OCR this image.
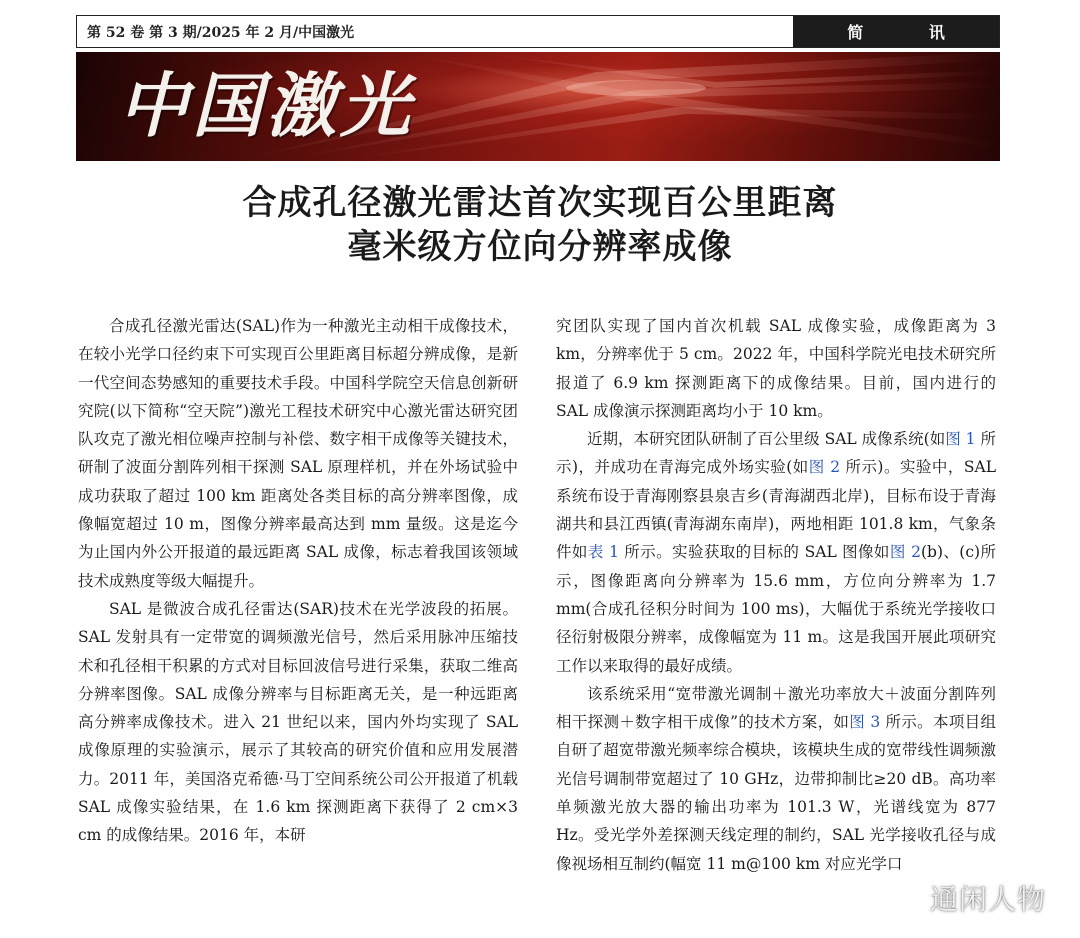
第 52 卷 第 3 期/2025 年 2 月/中国激光	简 讯
中国激光
合成孔径激光雷达首次实现百公里距离
毫米级方位向分辨率成像

合成孔径激光雷达(SAL)作为一种激光主动相干成像技术，在较小光学口径约束下可实现百公里距离目标超分辨成像，是新一代空间态势感知的重要技术手段。中国科学院空天信息创新研究院(以下简称“空天院”)激光工程技术研究中心激光雷达研究团队攻克了激光相位噪声控制与补偿、数字相干成像等关键技术，研制了波面分割阵列相干探测 SAL 原理样机，并在外场试验中成功获取了超过 100 km 距离处各类目标的高分辨率图像，成像幅宽超过 10 m，图像分辨率最高达到 mm 量级。这是迄今为止国内外公开报道的最远距离 SAL 成像，标志着我国该领域技术成熟度等级大幅提升。

SAL 是微波合成孔径雷达(SAR)技术在光学波段的拓展。SAL 发射具有一定带宽的调频激光信号，然后采用脉冲压缩技术和孔径相干积累的方式对目标回波信号进行采集，获取二维高分辨率图像。SAL 成像分辨率与目标距离无关，是一种远距离高分辨率成像技术。进入 21 世纪以来，国内外均实现了 SAL 成像原理的实验演示，展示了其较高的研究价值和应用发展潜力。2011 年，美国洛克希德·马丁空间系统公司公开报道了机载 SAL 成像实验结果，在 1.6 km 探测距离下获得了 2 cm×3 cm 的成像结果。2016 年，本研

究团队实现了国内首次机载 SAL 成像实验，成像距离为 3 km，分辨率优于 5 cm。2022 年，中国科学院光电技术研究所报道了 6.9 km 探测距离下的成像结果。目前，国内进行的 SAL 成像演示探测距离均小于 10 km。

近期，本研究团队研制了百公里级 SAL 成像系统(如图 1 所示)，并成功在青海完成外场实验(如图 2 所示)。实验中，SAL 系统布设于青海刚察县泉吉乡(青海湖西北岸)，目标布设于青海湖共和县江西镇(青海湖东南岸)，两地相距 101.8 km，气象条件如表 1 所示。实验获取的目标的 SAL 图像如图 2(b)、(c)所示，图像距离向分辨率为 15.6 mm，方位向分辨率为 1.7 mm(合成孔径积分时间为 100 ms)，大幅优于系统光学接收口径衍射极限分辨率，成像幅宽为 11 m。这是我国开展此项研究工作以来取得的最好成绩。

该系统采用“宽带激光调制＋激光功率放大＋波面分割阵列相干探测＋数字相干成像”的技术方案，如图 3 所示。本项目组自研了超宽带激光频率综合模块，该模块生成的宽带线性调频激光信号调制带宽超过了 10 GHz，边带抑制比≥20 dB。高功率单频激光放大器的输出功率为 101.3 W，光谱线宽为 877 Hz。受光学外差探测天线定理的制约，SAL 光学接收孔径与成像视场相互制约(幅宽 11 m@100 km 对应光学口

通闲人物
